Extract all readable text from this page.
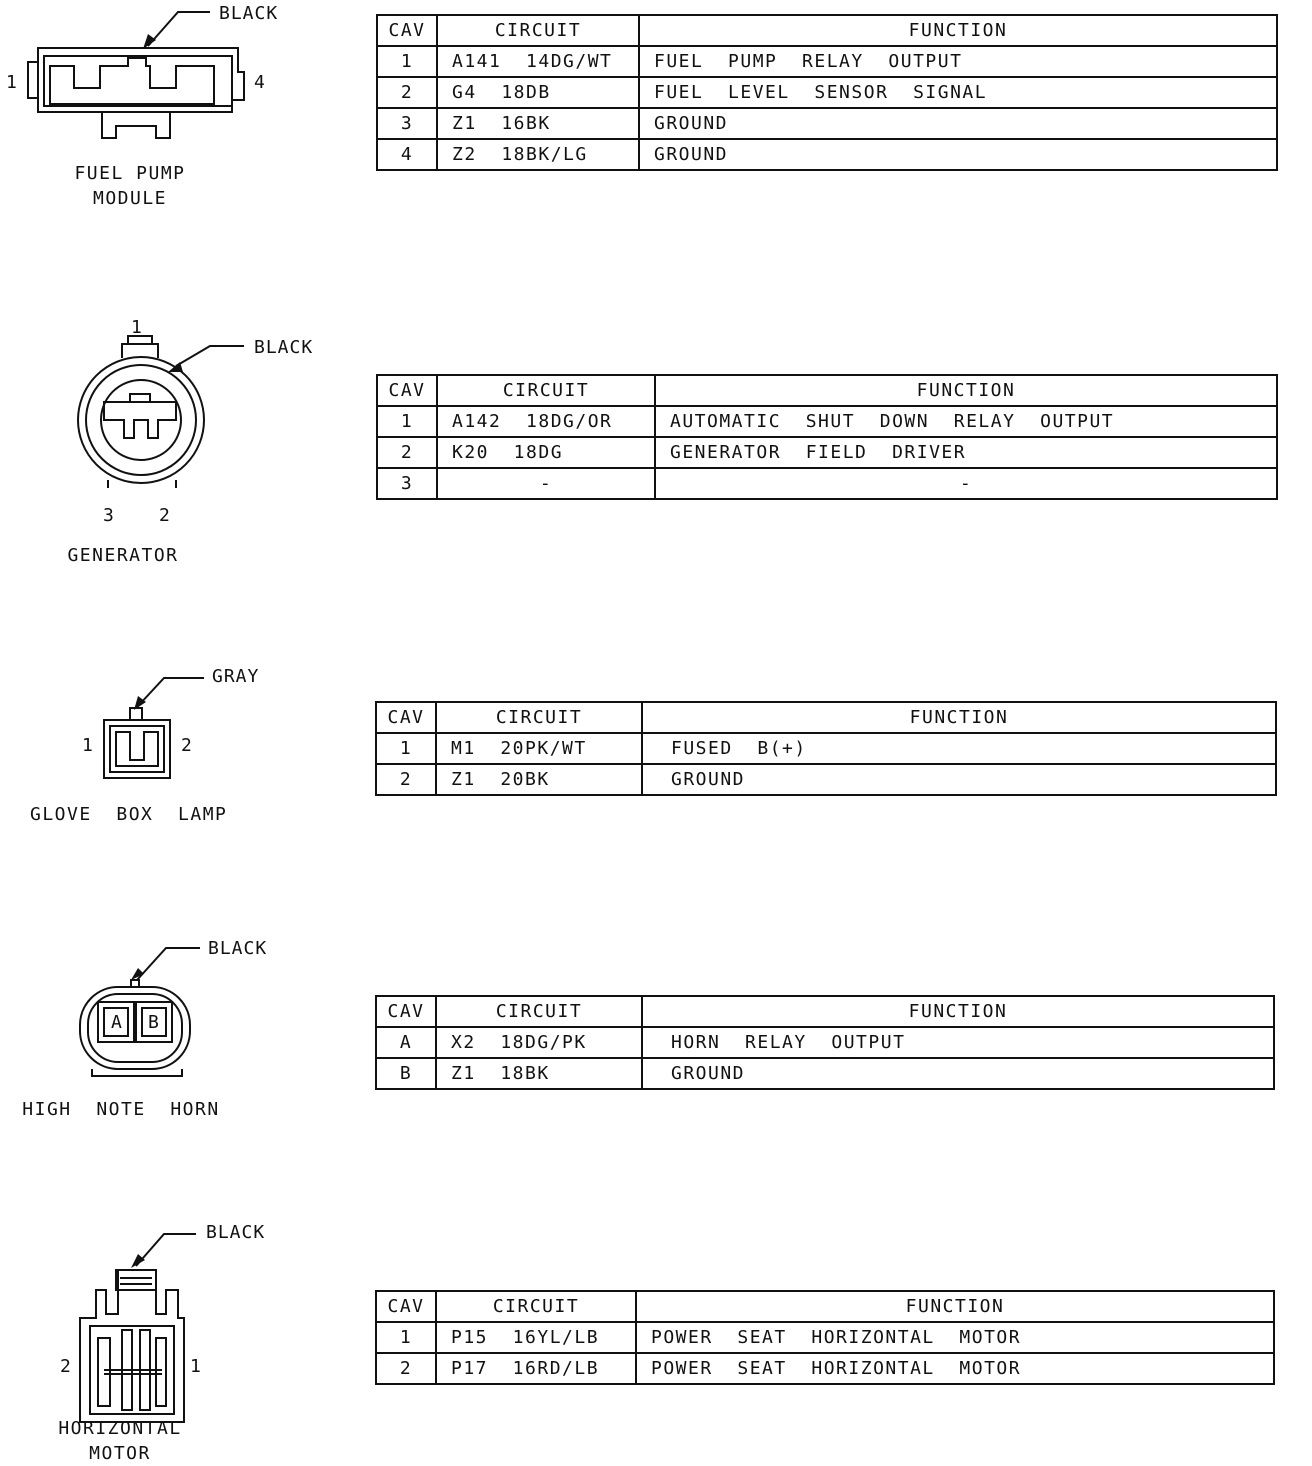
BLACK
1	4
FUEL PUMP
MODULE
CAV	CIRCUIT	FUNCTION
1	A141  14DG/WT	FUEL  PUMP  RELAY  OUTPUT
2	G4  18DB	FUEL  LEVEL  SENSOR  SIGNAL
3	Z1  16BK	GROUND
4	Z2  18BK/LG	GROUND
BLACK
1
3 2
GENERATOR
CAV	CIRCUIT	FUNCTION
1	A142  18DG/OR	AUTOMATIC  SHUT  DOWN  RELAY  OUTPUT
2	K20  18DG	GENERATOR  FIELD  DRIVER
3	-	-
GRAY
1	2
GLOVE  BOX  LAMP
CAV	CIRCUIT	FUNCTION
1	M1  20PK/WT	FUSED  B(+)
2	Z1  20BK	GROUND
BLACK
A B
HIGH  NOTE  HORN
CAV	CIRCUIT	FUNCTION
A	X2  18DG/PK	HORN  RELAY  OUTPUT
B	Z1  18BK	GROUND
BLACK
2	1
HORIZONTAL
MOTOR
CAV	CIRCUIT	FUNCTION
1	P15  16YL/LB	POWER  SEAT  HORIZONTAL  MOTOR
2	P17  16RD/LB	POWER  SEAT  HORIZONTAL  MOTOR
